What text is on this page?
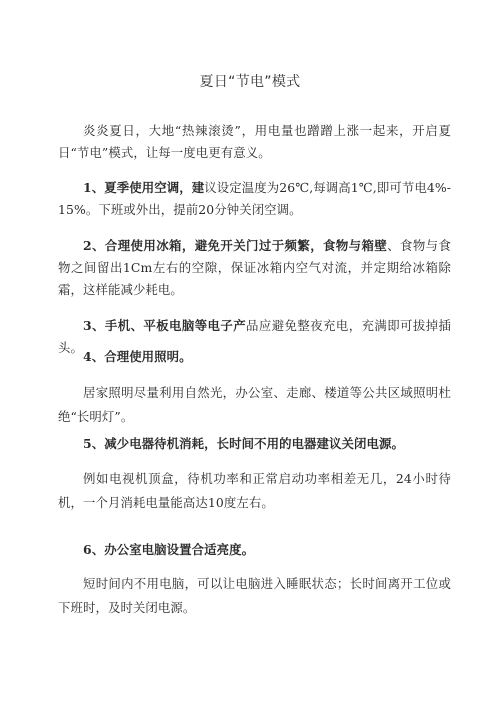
夏日“节电”模式

炎炎夏日，大地“热辣滚烫”，用电量也蹭蹭上涨一起来，开启夏日“节电”模式，让每一度电更有意义。

1、夏季使用空调，建议设定温度为26℃,每调高1℃,即可节电4%-15%。下班或外出，提前20分钟关闭空调。

2、合理使用冰箱，避免开关门过于频繁，食物与箱壁、食物与食物之间留出1Cm左右的空隙，保证冰箱内空气对流，并定期给冰箱除霜，这样能减少耗电。

3、手机、平板电脑等电子产品应避免整夜充电，充满即可拔掉插头。

4、合理使用照明。

居家照明尽量利用自然光，办公室、走廊、楼道等公共区域照明杜绝“长明灯”。

5、减少电器待机消耗，长时间不用的电器建议关闭电源。

例如电视机顶盒，待机功率和正常启动功率相差无几，24小时待机，一个月消耗电量能高达10度左右。

6、办公室电脑设置合适亮度。

短时间内不用电脑，可以让电脑进入睡眠状态；长时间离开工位或下班时，及时关闭电源。
